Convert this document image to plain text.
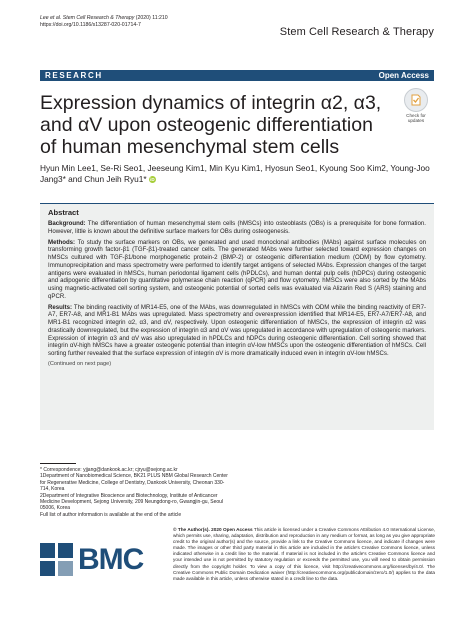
Lee et al. Stem Cell Research & Therapy (2020) 11:210
https://doi.org/10.1186/s13287-020-01714-7
Stem Cell Research & Therapy
RESEARCH	Open Access
Expression dynamics of integrin α2, α3, and αV upon osteogenic differentiation of human mesenchymal stem cells
Check for
updates
Hyun Min Lee1, Se-Ri Seo1, Jeeseung Kim1, Min Kyu Kim1, Hyosun Seo1, Kyoung Soo Kim2, Young-Joo Jang3* and Chun Jeih Ryu1* iD
Abstract

Background: The differentiation of human mesenchymal stem cells (hMSCs) into osteoblasts (OBs) is a prerequisite for bone formation. However, little is known about the definitive surface markers for OBs during osteogenesis.

Methods: To study the surface markers on OBs, we generated and used monoclonal antibodies (MAbs) against surface molecules on transforming growth factor-β1 (TGF-β1)-treated cancer cells. The generated MAbs were further selected toward expression changes on hMSCs cultured with TGF-β1/bone morphogenetic protein-2 (BMP-2) or osteogenic differentiation medium (ODM) by flow cytometry. Immunoprecipitation and mass spectrometry were performed to identify target antigens of selected MAbs. Expression changes of the target antigens were evaluated in hMSCs, human periodontal ligament cells (hPDLCs), and human dental pulp cells (hDPCs) during osteogenic and adipogenic differentiation by quantitative polymerase chain reaction (qPCR) and flow cytometry. hMSCs were also sorted by the MAbs using magnetic-activated cell sorting system, and osteogenic potential of sorted cells was evaluated via Alizarin Red S (ARS) staining and qPCR.

Results: The binding reactivity of MR14-E5, one of the MAbs, was downregulated in hMSCs with ODM while the binding reactivity of ER7-A7, ER7-A8, and MR1-B1 MAbs was upregulated. Mass spectrometry and overexpression identified that MR14-E5, ER7-A7/ER7-A8, and MR1-B1 recognized integrin α2, α3, and αV, respectively. Upon osteogenic differentiation of hMSCs, the expression of integrin α2 was drastically downregulated, but the expression of integrin α3 and αV was upregulated in accordance with upregulation of osteogenic markers. Expression of integrin α3 and αV was also upregulated in hPDLCs and hDPCs during osteogenic differentiation. Cell sorting showed that integrin αV-high hMSCs have a greater osteogenic potential than integrin αV-low hMSCs upon the osteogenic differentiation of hMSCs. Cell sorting further revealed that the surface expression of integrin αV is more dramatically induced even in integrin αV-low hMSCs.

(Continued on next page)
* Correspondence: yjjang@dankook.ac.kr; cjryu@sejong.ac.kr
1Department of Nanobiomedical Science, BK21 PLUS NBM Global Research Center for Regenerative Medicine, College of Dentistry, Dankook University, Cheonan 330-714, Korea
2Department of Integrative Bioscience and Biotechnology, Institute of Anticancer Medicine Development, Sejong University, 209 Neungdong-ro, Gwangjin-gu, Seoul 05006, Korea
Full list of author information is available at the end of the article
BMC
© The Author(s). 2020 Open Access This article is licensed under a Creative Commons Attribution 4.0 International License, which permits use, sharing, adaptation, distribution and reproduction in any medium or format, as long as you give appropriate credit to the original author(s) and the source, provide a link to the Creative Commons licence, and indicate if changes were made. The images or other third party material in this article are included in the article's Creative Commons licence, unless indicated otherwise in a credit line to the material. If material is not included in the article's Creative Commons licence and your intended use is not permitted by statutory regulation or exceeds the permitted use, you will need to obtain permission directly from the copyright holder. To view a copy of this licence, visit http://creativecommons.org/licenses/by/4.0/. The Creative Commons Public Domain Dedication waiver (http://creativecommons.org/publicdomain/zero/1.0/) applies to the data made available in this article, unless otherwise stated in a credit line to the data.
